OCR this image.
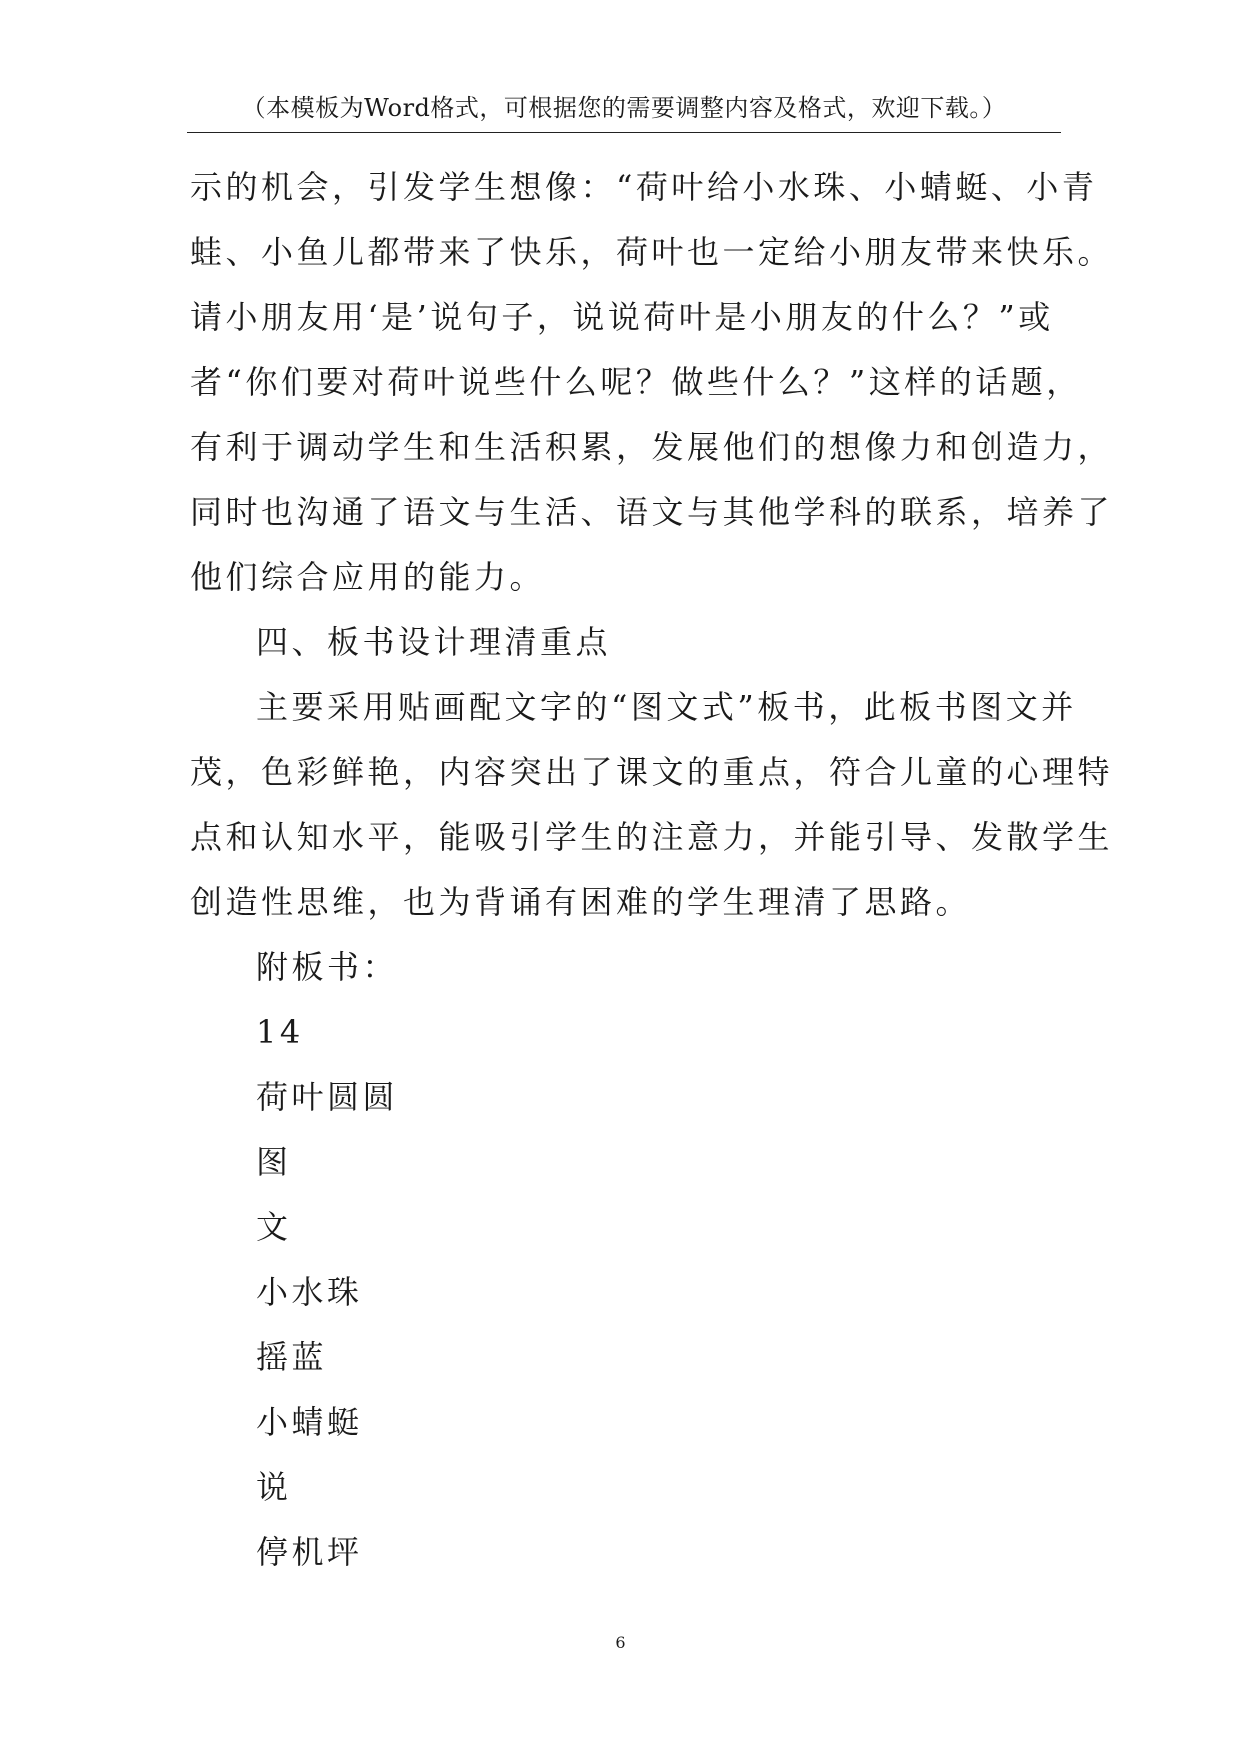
（本模板为Word格式，可根据您的需要调整内容及格式，欢迎下载。）
示的机会，引发学生想像：“荷叶给小水珠、小蜻蜓、小青
蛙、小鱼儿都带来了快乐，荷叶也一定给小朋友带来快乐。
请小朋友用‘是’说句子，说说荷叶是小朋友的什么？”或
者“你们要对荷叶说些什么呢？做些什么？”这样的话题，
有利于调动学生和生活积累，发展他们的想像力和创造力，
同时也沟通了语文与生活、语文与其他学科的联系，培养了
他们综合应用的能力。
四、板书设计理清重点
主要采用贴画配文字的“图文式”板书，此板书图文并
茂，色彩鲜艳，内容突出了课文的重点，符合儿童的心理特
点和认知水平，能吸引学生的注意力，并能引导、发散学生
创造性思维，也为背诵有困难的学生理清了思路。
附板书：
14
荷叶圆圆
图
文
小水珠
摇蓝
小蜻蜓
说
停机坪
6
